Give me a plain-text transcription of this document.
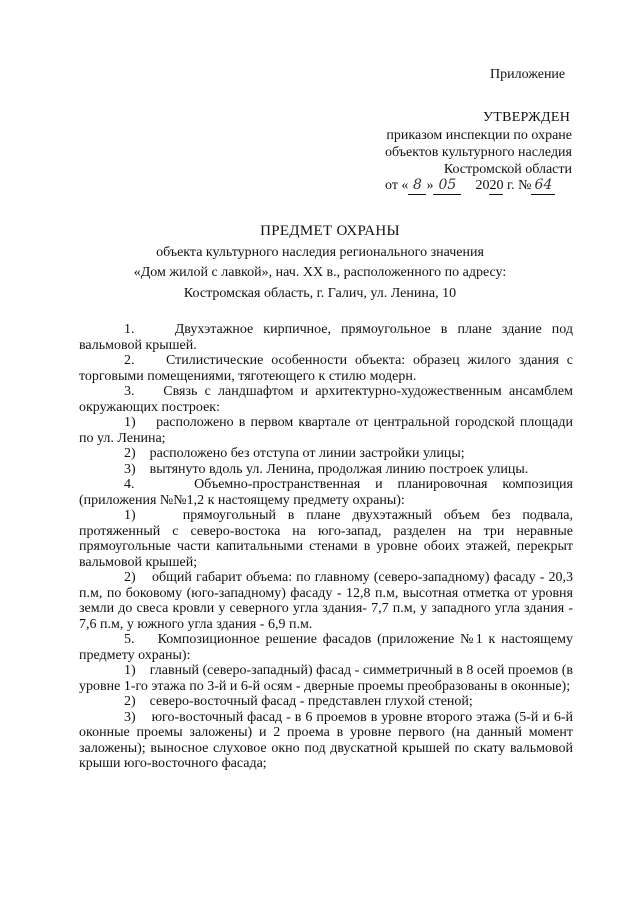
Приложение
УТВЕРЖДЕН
приказом инспекции по охране
объектов культурного наследия
Костромской области
от « 8 » 05 2020 г. № 64
ПРЕДМЕТ ОХРАНЫ
объекта культурного наследия регионального значения
«Дом жилой с лавкой», нач. XX в., расположенного по адресу:
Костромская область, г. Галич, ул. Ленина, 10

1.    Двухэтажное кирпичное, прямоугольное в плане здание под вальмовой крышей.

2.    Стилистические особенности объекта: образец жилого здания с торговыми помещениями, тяготеющего к стилю модерн.

3.    Связь с ландшафтом и архитектурно-художественным ансамблем окружающих построек:

1)    расположено в первом квартале от центральной городской площади по ул. Ленина;

2)    расположено без отступа от линии застройки улицы;

3)    вытянуто вдоль ул. Ленина, продолжая линию построек улицы.

4.    Объемно-пространственная и планировочная композиция (приложения №№1,2 к настоящему предмету охраны):

1)    прямоугольный в плане двухэтажный объем без подвала, протяженный с северо-востока на юго-запад, разделен на три неравные прямоугольные части капитальными стенами в уровне обоих этажей, перекрыт вальмовой крышей;

2)    общий габарит объема: по главному (северо-западному) фасаду - 20,3 п.м, по боковому (юго-западному) фасаду - 12,8 п.м, высотная отметка от уровня земли до свеса кровли у северного угла здания- 7,7 п.м, у западного угла здания - 7,6 п.м, у южного угла здания - 6,9 п.м.

5.    Композиционное решение фасадов (приложение №1 к настоящему предмету охраны):

1)    главный (северо-западный) фасад - симметричный в 8 осей проемов (в уровне 1-го этажа по 3-й и 6-й осям - дверные проемы преобразованы в оконные);

2)    северо-восточный фасад - представлен глухой стеной;

3)    юго-восточный фасад - в 6 проемов в уровне второго этажа (5-й и 6-й оконные проемы заложены) и 2 проема в уровне первого (на данный момент заложены); выносное слуховое окно под двускатной крышей по скату вальмовой крыши юго-восточного фасада;
